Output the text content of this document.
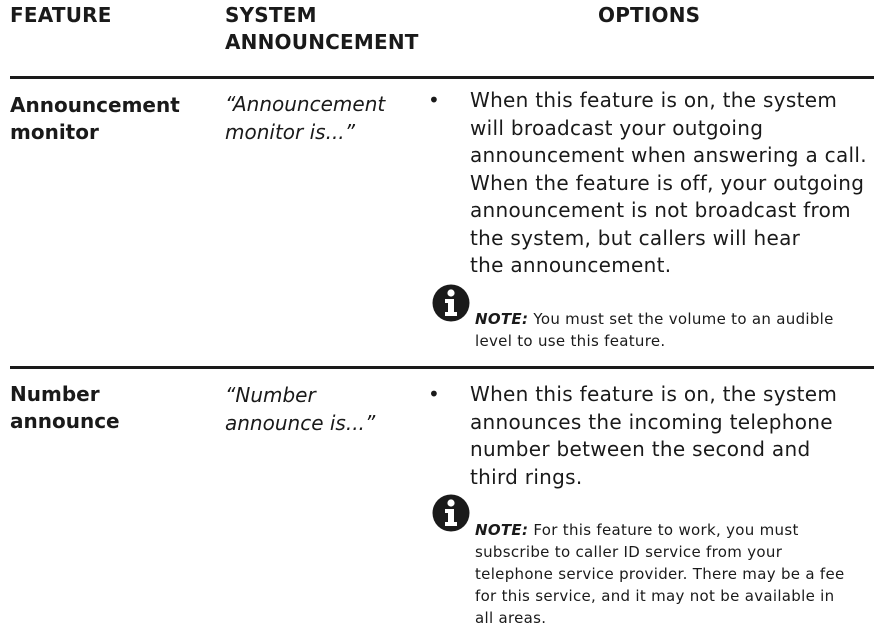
FEATURE	SYSTEM
ANNOUNCEMENT
OPTIONS
Announcement
monitor
“Announcement
monitor is...”
• When this feature is on, the system
will broadcast your outgoing
announcement when answering a call.
When the feature is off, your outgoing
announcement is not broadcast from
the system, but callers will hear
the announcement.
NOTE: You must set the volume to an audible
level to use this feature.
Number
announce
“Number
announce is...”
• When this feature is on, the system
announces the incoming telephone
number between the second and
third rings.
NOTE: For this feature to work, you must
subscribe to caller ID service from your
telephone service provider. There may be a fee
for this service, and it may not be available in
all areas.
